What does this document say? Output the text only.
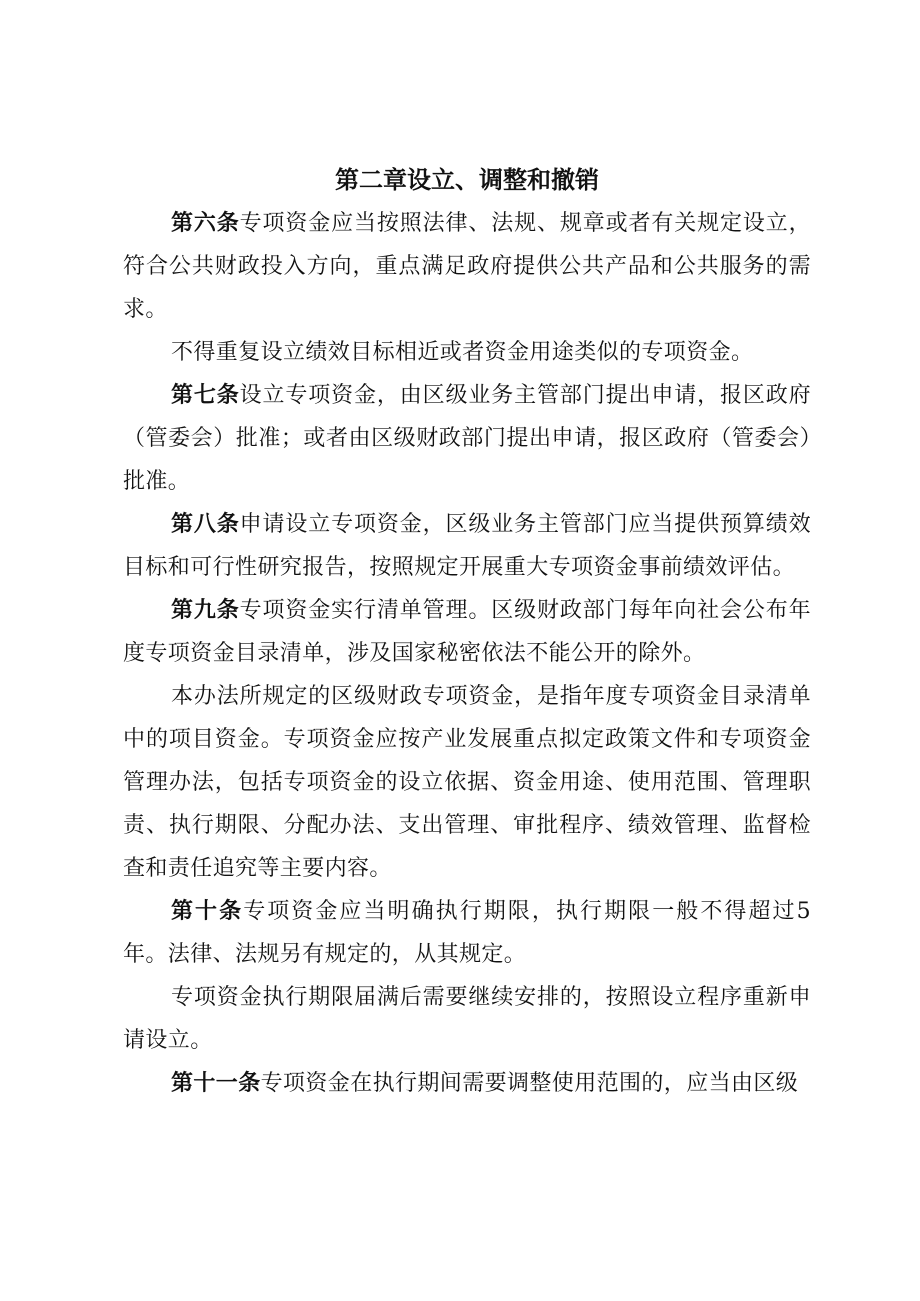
第二章设立、调整和撤销

第六条专项资金应当按照法律、法规、规章或者有关规定设立，符合公共财政投入方向，重点满足政府提供公共产品和公共服务的需求。

不得重复设立绩效目标相近或者资金用途类似的专项资金。

第七条设立专项资金，由区级业务主管部门提出申请，报区政府（管委会）批准；或者由区级财政部门提出申请，报区政府（管委会）批准。

第八条申请设立专项资金，区级业务主管部门应当提供预算绩效目标和可行性研究报告，按照规定开展重大专项资金事前绩效评估。

第九条专项资金实行清单管理。区级财政部门每年向社会公布年度专项资金目录清单，涉及国家秘密依法不能公开的除外。

本办法所规定的区级财政专项资金，是指年度专项资金目录清单中的项目资金。专项资金应按产业发展重点拟定政策文件和专项资金管理办法，包括专项资金的设立依据、资金用途、使用范围、管理职责、执行期限、分配办法、支出管理、审批程序、绩效管理、监督检查和责任追究等主要内容。

第十条专项资金应当明确执行期限，执行期限一般不得超过5年。法律、法规另有规定的，从其规定。

专项资金执行期限届满后需要继续安排的，按照设立程序重新申请设立。

第十一条专项资金在执行期间需要调整使用范围的，应当由区级
